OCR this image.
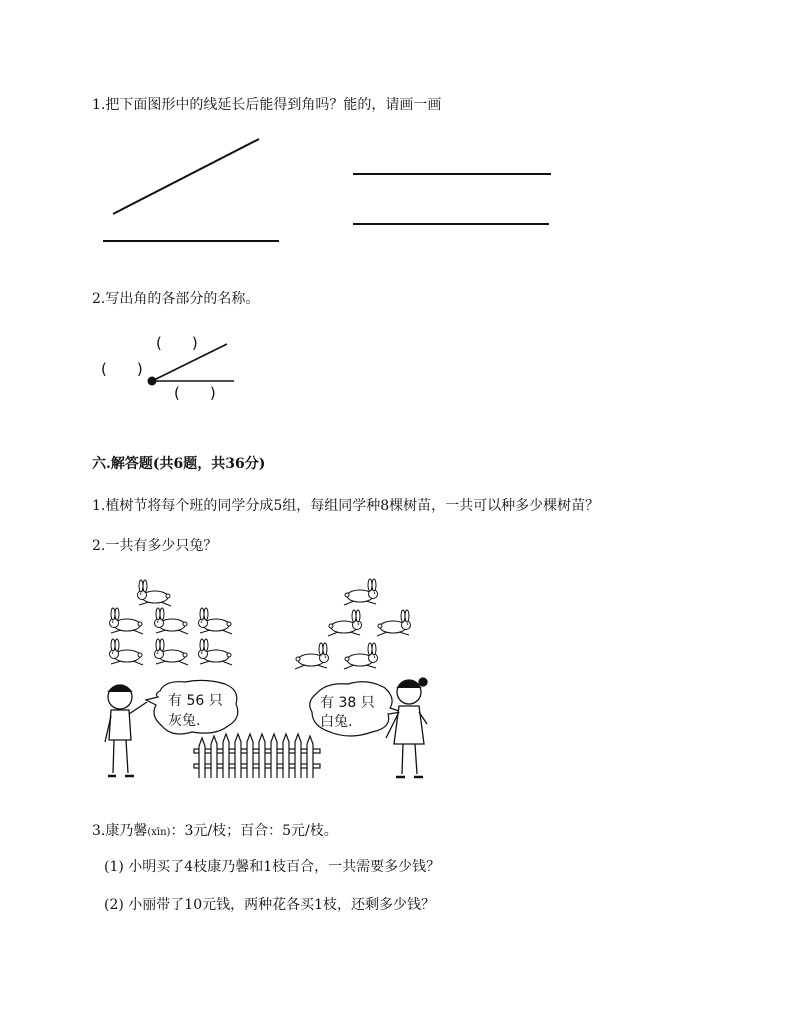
1.把下面图形中的线延长后能得到角吗？能的，请画一画
2.写出角的各部分的名称。
六.解答题(共6题，共36分)
1.植树节将每个班的同学分成5组，每组同学种8棵树苗，一共可以种多少棵树苗？
2.一共有多少只兔？
3.康乃馨(xīn)：3元/枝；百合：5元/枝。
(1) 小明买了4枝康乃馨和1枝百合，一共需要多少钱？
(2) 小丽带了10元钱，两种花各买1枝，还剩多少钱？
(　　)
(　　)
(　　)
有 56 只
灰兔.
有 38 只
白兔.
